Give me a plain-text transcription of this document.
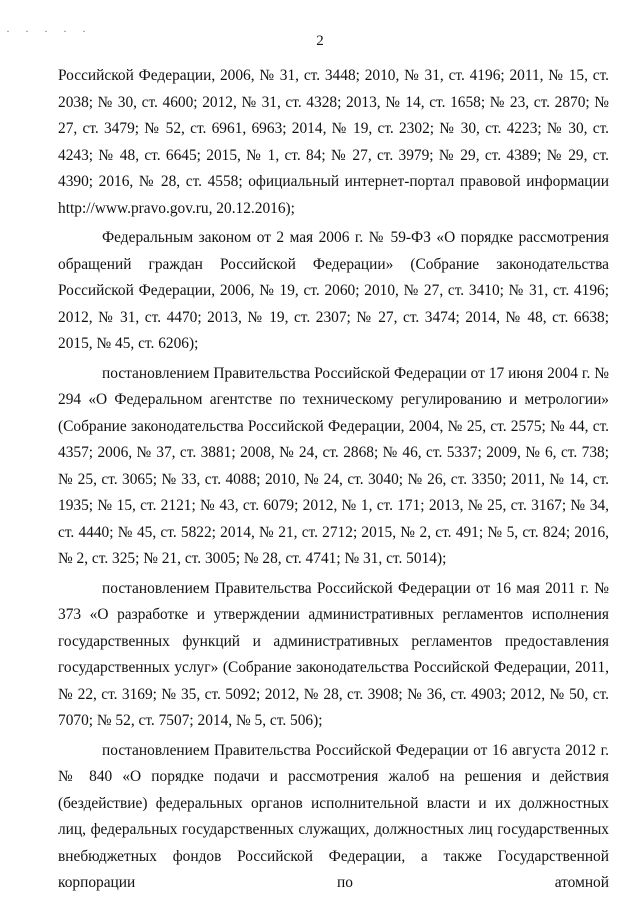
· · · · ·
2

Российской Федерации, 2006, № 31, ст. 3448; 2010, № 31, ст. 4196; 2011, № 15, ст. 2038; № 30, ст. 4600; 2012, № 31, ст. 4328; 2013, № 14, ст. 1658; № 23, ст. 2870; № 27, ст. 3479; № 52, ст. 6961, 6963; 2014, № 19, ст. 2302; № 30, ст. 4223; № 30, ст. 4243; № 48, ст. 6645; 2015, № 1, ст. 84; № 27, ст. 3979; № 29, ст. 4389; № 29, ст. 4390; 2016, № 28, ст. 4558; официальный интернет-портал правовой информации http://www.pravo.gov.ru, 20.12.2016);

Федеральным законом от 2 мая 2006 г. № 59-ФЗ «О порядке рассмотрения обращений граждан Российской Федерации» (Собрание законодательства Российской Федерации, 2006, № 19, ст. 2060; 2010, № 27, ст. 3410; № 31, ст. 4196; 2012, № 31, ст. 4470; 2013, № 19, ст. 2307; № 27, ст. 3474; 2014, № 48, ст. 6638; 2015, № 45, ст. 6206);

постановлением Правительства Российской Федерации от 17 июня 2004 г. № 294 «О Федеральном агентстве по техническому регулированию и метрологии» (Собрание законодательства Российской Федерации, 2004, № 25, ст. 2575; № 44, ст. 4357; 2006, № 37, ст. 3881; 2008, № 24, ст. 2868; № 46, ст. 5337; 2009, № 6, ст. 738; № 25, ст. 3065; № 33, ст. 4088; 2010, № 24, ст. 3040; № 26, ст. 3350; 2011, № 14, ст. 1935; № 15, ст. 2121; № 43, ст. 6079; 2012, № 1, ст. 171; 2013, № 25, ст. 3167; № 34, ст. 4440; № 45, ст. 5822; 2014, № 21, ст. 2712; 2015, № 2, ст. 491; № 5, ст. 824; 2016, № 2, ст. 325; № 21, ст. 3005; № 28, ст. 4741; № 31, ст. 5014);

постановлением Правительства Российской Федерации от 16 мая 2011 г. № 373 «О разработке и утверждении административных регламентов исполнения государственных функций и административных регламентов предоставления государственных услуг» (Собрание законодательства Российской Федерации, 2011, № 22, ст. 3169; № 35, ст. 5092; 2012, № 28, ст. 3908; № 36, ст. 4903; 2012, № 50, ст. 7070; № 52, ст. 7507; 2014, № 5, ст. 506);

постановлением Правительства Российской Федерации от 16 августа 2012 г. № 840 «О порядке подачи и рассмотрения жалоб на решения и действия (бездействие) федеральных органов исполнительной власти и их должностных лиц, федеральных государственных служащих, должностных лиц государственных внебюджетных фондов Российской Федерации, а также Государственной корпорации по атомной
